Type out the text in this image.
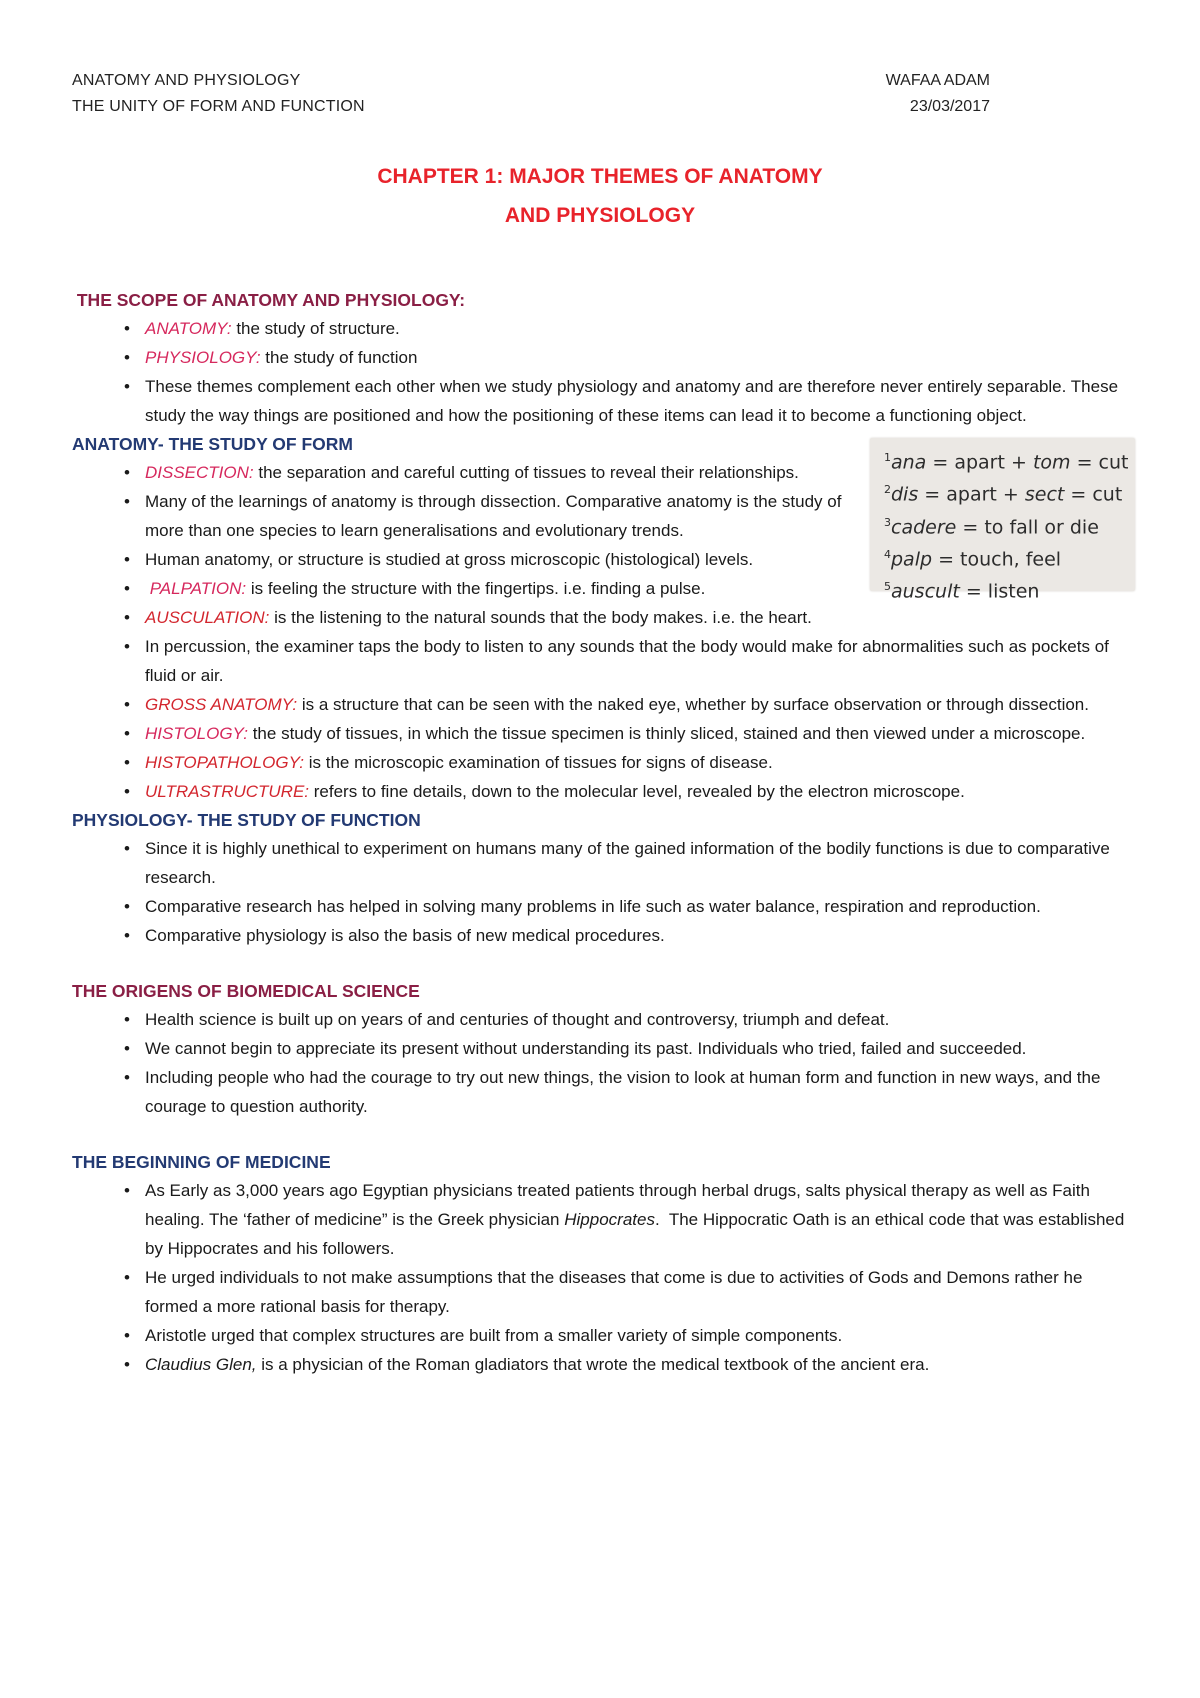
ANATOMY AND PHYSIOLOGY
THE UNITY OF FORM AND FUNCTION
WAFAA ADAM
23/03/2017
CHAPTER 1: MAJOR THEMES OF ANATOMY
AND PHYSIOLOGY
THE SCOPE OF ANATOMY AND PHYSIOLOGY:
• ANATOMY: the study of structure.
• PHYSIOLOGY: the study of function
• These themes complement each other when we study physiology and anatomy and are therefore never entirely separable. These study the way things are positioned and how the positioning of these items can lead it to become a functioning object.
ANATOMY- THE STUDY OF FORM
• DISSECTION: the separation and careful cutting of tissues to reveal their relationships.
• Many of the learnings of anatomy is through dissection. Comparative anatomy is the study of more than one species to learn generalisations and evolutionary trends.
• Human anatomy, or structure is studied at gross microscopic (histological) levels.
•  PALPATION: is feeling the structure with the fingertips. i.e. finding a pulse.
• AUSCULATION: is the listening to the natural sounds that the body makes. i.e. the heart.
• In percussion, the examiner taps the body to listen to any sounds that the body would make for abnormalities such as pockets of fluid or air.
• GROSS ANATOMY: is a structure that can be seen with the naked eye, whether by surface observation or through dissection.
• HISTOLOGY: the study of tissues, in which the tissue specimen is thinly sliced, stained and then viewed under a microscope.
• HISTOPATHOLOGY: is the microscopic examination of tissues for signs of disease.
• ULTRASTRUCTURE: refers to fine details, down to the molecular level, revealed by the electron microscope.
PHYSIOLOGY- THE STUDY OF FUNCTION
• Since it is highly unethical to experiment on humans many of the gained information of the bodily functions is due to comparative research.
• Comparative research has helped in solving many problems in life such as water balance, respiration and reproduction.
• Comparative physiology is also the basis of new medical procedures.
THE ORIGENS OF BIOMEDICAL SCIENCE
• Health science is built up on years of and centuries of thought and controversy, triumph and defeat.
• We cannot begin to appreciate its present without understanding its past. Individuals who tried, failed and succeeded.
• Including people who had the courage to try out new things, the vision to look at human form and function in new ways, and the courage to question authority.
THE BEGINNING OF MEDICINE
• As Early as 3,000 years ago Egyptian physicians treated patients through herbal drugs, salts physical therapy as well as Faith healing. The ‘father of medicine” is the Greek physician Hippocrates.  The Hippocratic Oath is an ethical code that was established by Hippocrates and his followers.
• He urged individuals to not make assumptions that the diseases that come is due to activities of Gods and Demons rather he formed a more rational basis for therapy.
• Aristotle urged that complex structures are built from a smaller variety of simple components.
• Claudius Glen, is a physician of the Roman gladiators that wrote the medical textbook of the ancient era.
$^1$ana = apart + tom = cut
$^2$dis = apart + sect = cut
$^3$cadere = to fall or die
$^4$palp = touch, feel
$^5$auscult = listen
